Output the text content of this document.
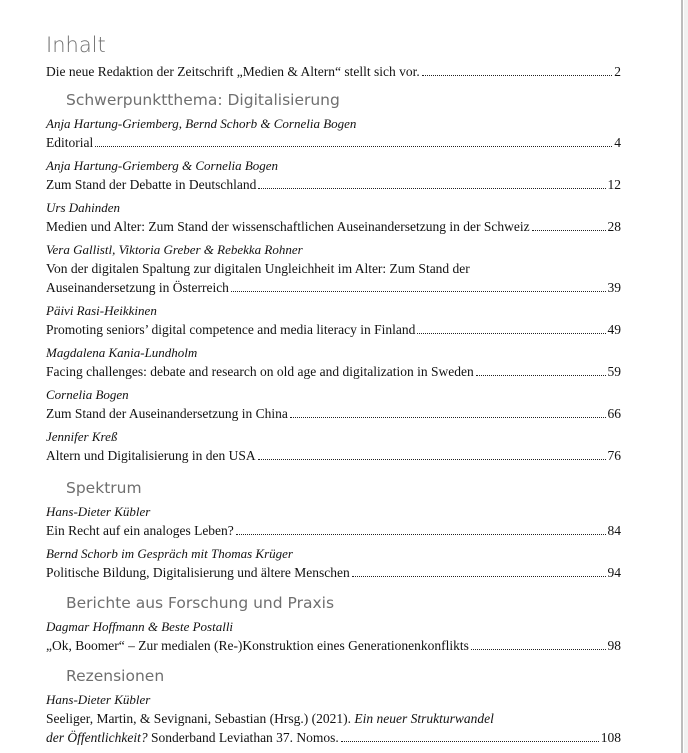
Inhalt
Die neue Redaktion der Zeitschrift „Medien & Altern“ stellt sich vor.	2
Schwerpunktthema: Digitalisierung
Anja Hartung-Griemberg, Bernd Schorb & Cornelia Bogen
Editorial	4
Anja Hartung-Griemberg & Cornelia Bogen
Zum Stand der Debatte in Deutschland	12
Urs Dahinden
Medien und Alter: Zum Stand der wissenschaftlichen Auseinandersetzung in der Schweiz	28
Vera Gallistl, Viktoria Greber & Rebekka Rohner
Von der digitalen Spaltung zur digitalen Ungleichheit im Alter: Zum Stand der
Auseinandersetzung in Österreich	39
Päivi Rasi-Heikkinen
Promoting seniors’ digital competence and media literacy in Finland	49
Magdalena Kania-Lundholm
Facing challenges: debate and research on old age and digitalization in Sweden	59
Cornelia Bogen
Zum Stand der Auseinandersetzung in China	66
Jennifer Kreß
Altern und Digitalisierung in den USA	76
Spektrum
Hans-Dieter Kübler
Ein Recht auf ein analoges Leben?	84
Bernd Schorb im Gespräch mit Thomas Krüger
Politische Bildung, Digitalisierung und ältere Menschen	94
Berichte aus Forschung und Praxis
Dagmar Hoffmann & Beste Postalli
„Ok, Boomer“ – Zur medialen (Re-)Konstruktion eines Generationenkonflikts	98
Rezensionen
Hans-Dieter Kübler
Seeliger, Martin, & Sevignani, Sebastian (Hrsg.) (2021). Ein neuer Strukturwandel
der Öffentlichkeit? Sonderband Leviathan 37. Nomos.	108
